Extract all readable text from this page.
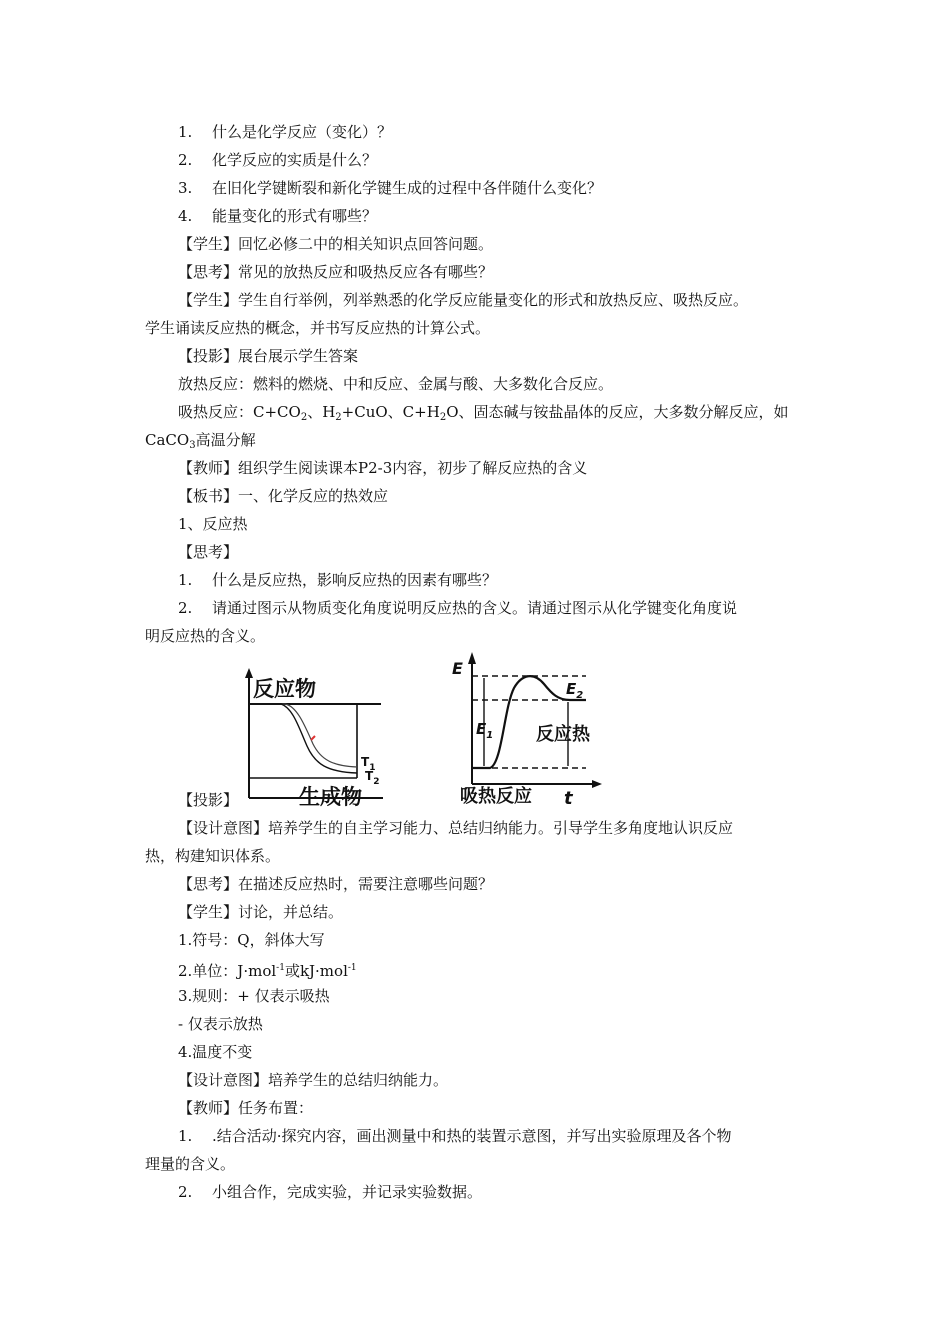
1. 什么是化学反应（变化）？
2. 化学反应的实质是什么？
3. 在旧化学键断裂和新化学键生成的过程中各伴随什么变化？
4. 能量变化的形式有哪些？
【学生】回忆必修二中的相关知识点回答问题。
【思考】常见的放热反应和吸热反应各有哪些？
【学生】学生自行举例，列举熟悉的化学反应能量变化的形式和放热反应、吸热反应。
学生诵读反应热的概念，并书写反应热的计算公式。
【投影】展台展示学生答案
放热反应：燃料的燃烧、中和反应、金属与酸、大多数化合反应。
吸热反应：$C+CO_2$、$H_2+CuO$、$C+H_2O$、固态碱与铵盐晶体的反应，大多数分解反应，如
CaCO$_3$高温分解
【教师】组织学生阅读课本P2-3内容，初步了解反应热的含义
【板书】一、化学反应的热效应
1、反应热
【思考】
1. 什么是反应热，影响反应热的因素有哪些？
2. 请通过图示从物质变化角度说明反应热的含义。请通过图示从化学键变化角度说
明反应热的含义。
反应物
生成物
$T_1$
$T_2$
E
$E_1$
$E_2$
反应热
吸热反应 t
【投影】
【设计意图】培养学生的自主学习能力、总结归纳能力。引导学生多角度地认识反应
热，构建知识体系。
【思考】在描述反应热时，需要注意哪些问题？
【学生】讨论，并总结。
1.符号：Q，斜体大写
2.单位：J·mol$^{-1}$或kJ·mol$^{-1}$
3.规则：+ 仅表示吸热
- 仅表示放热
4.温度不变
【设计意图】培养学生的总结归纳能力。
【教师】任务布置：
1. .结合活动·探究内容，画出测量中和热的装置示意图，并写出实验原理及各个物
理量的含义。
2. 小组合作，完成实验，并记录实验数据。
